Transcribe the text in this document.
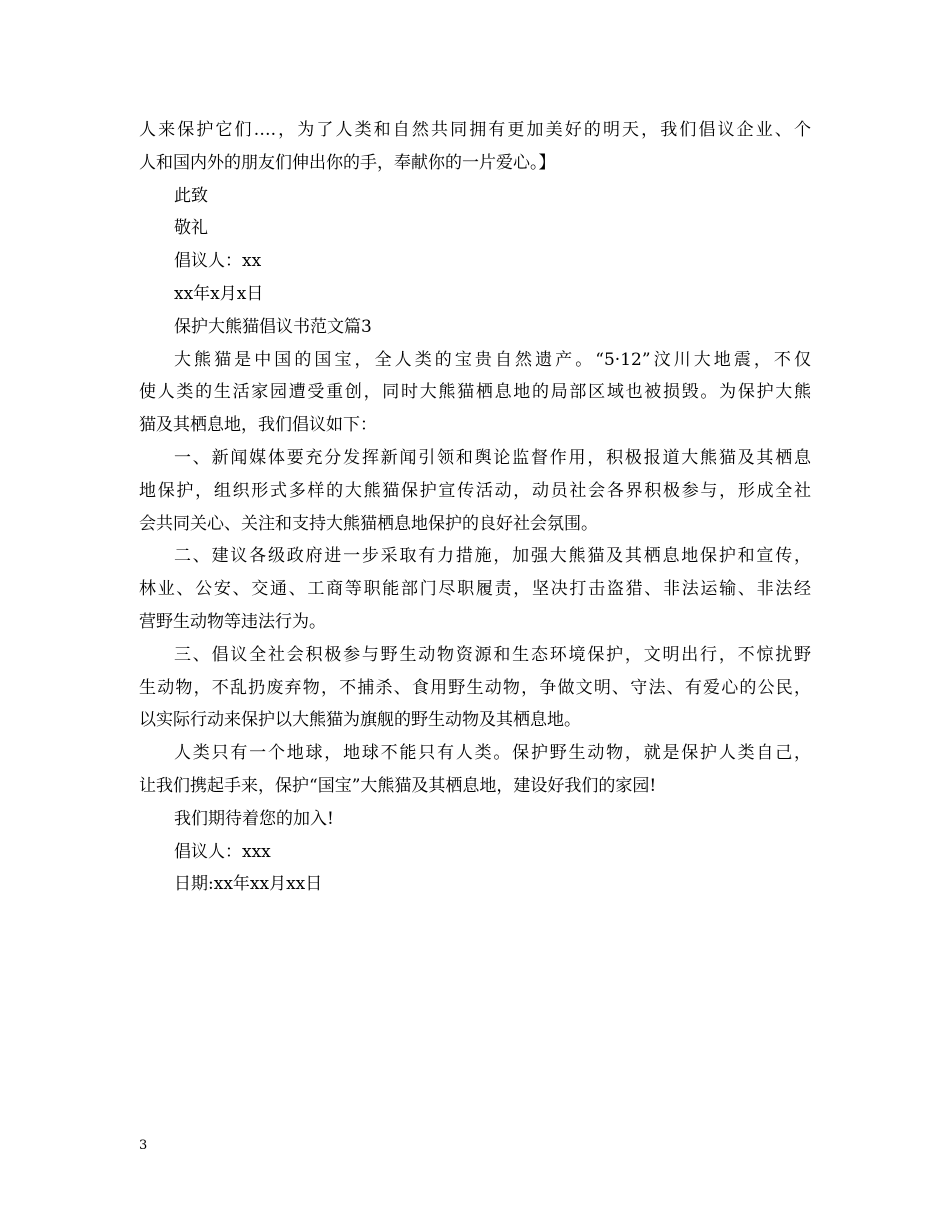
人来保护它们….，为了人类和自然共同拥有更加美好的明天，我们倡议企业、个
人和国内外的朋友们伸出你的手，奉献你的一片爱心。】
此致
敬礼
倡议人：xx
xx年x月x日
保护大熊猫倡议书范文篇3
大熊猫是中国的国宝，全人类的宝贵自然遗产。“5·12”汶川大地震，不仅
使人类的生活家园遭受重创，同时大熊猫栖息地的局部区域也被损毁。为保护大熊
猫及其栖息地，我们倡议如下：
一、新闻媒体要充分发挥新闻引领和舆论监督作用，积极报道大熊猫及其栖息
地保护，组织形式多样的大熊猫保护宣传活动，动员社会各界积极参与，形成全社
会共同关心、关注和支持大熊猫栖息地保护的良好社会氛围。
二、建议各级政府进一步采取有力措施，加强大熊猫及其栖息地保护和宣传，
林业、公安、交通、工商等职能部门尽职履责，坚决打击盗猎、非法运输、非法经
营野生动物等违法行为。
三、倡议全社会积极参与野生动物资源和生态环境保护，文明出行，不惊扰野
生动物，不乱扔废弃物，不捕杀、食用野生动物，争做文明、守法、有爱心的公民，
以实际行动来保护以大熊猫为旗舰的野生动物及其栖息地。
人类只有一个地球，地球不能只有人类。保护野生动物，就是保护人类自己，
让我们携起手来，保护“国宝”大熊猫及其栖息地，建设好我们的家园!
我们期待着您的加入!
倡议人：xxx
日期:xx年xx月xx日
3
